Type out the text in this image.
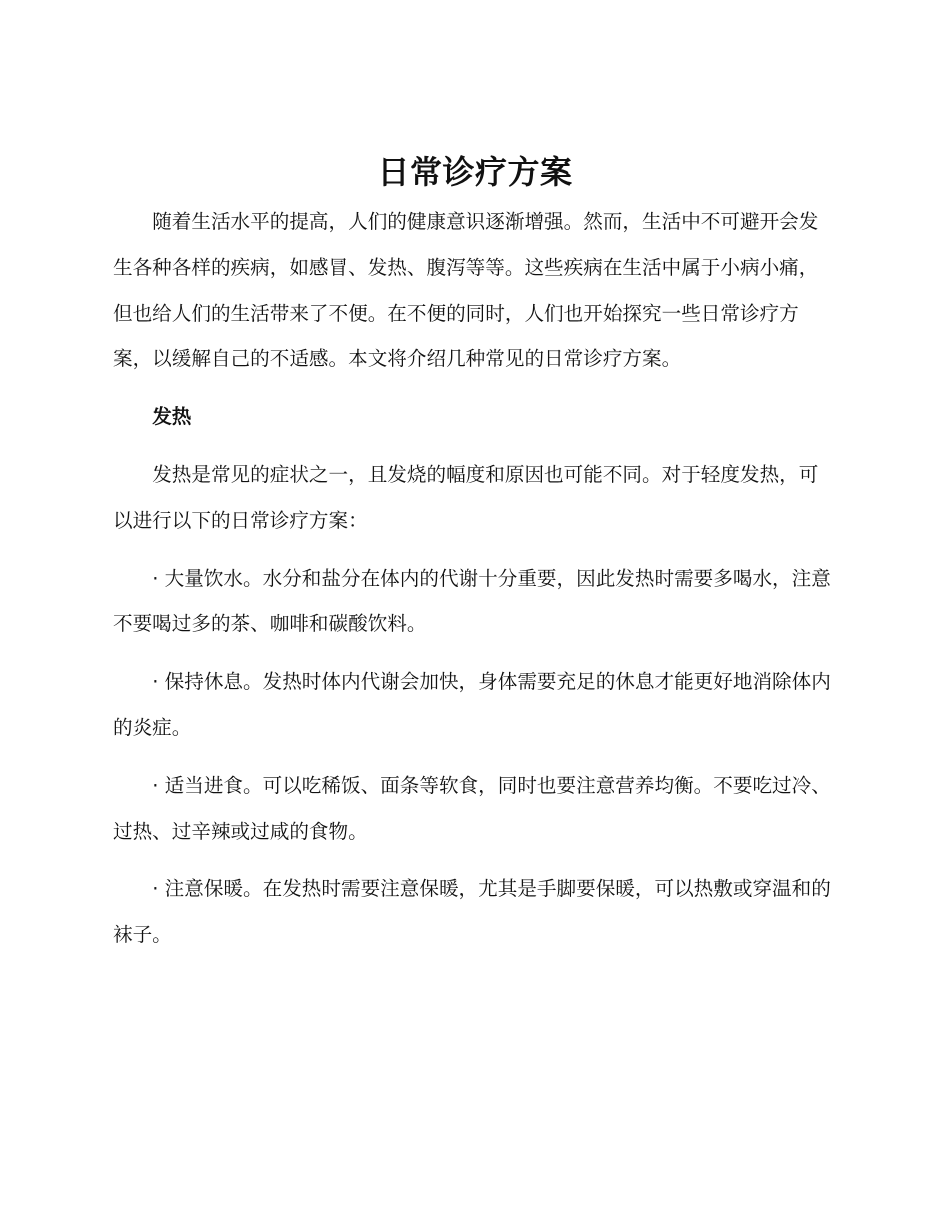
日常诊疗方案

随着生活水平的提高，人们的健康意识逐渐增强。然而，生活中不可避开会发生各种各样的疾病，如感冒、发热、腹泻等等。这些疾病在生活中属于小病小痛，但也给人们的生活带来了不便。在不便的同时，人们也开始探究一些日常诊疗方案，以缓解自己的不适感。本文将介绍几种常见的日常诊疗方案。

发热

发热是常见的症状之一，且发烧的幅度和原因也可能不同。对于轻度发热，可以进行以下的日常诊疗方案：

· 大量饮水。水分和盐分在体内的代谢十分重要，因此发热时需要多喝水，注意不要喝过多的茶、咖啡和碳酸饮料。

· 保持休息。发热时体内代谢会加快，身体需要充足的休息才能更好地消除体内的炎症。

· 适当进食。可以吃稀饭、面条等软食，同时也要注意营养均衡。不要吃过冷、过热、过辛辣或过咸的食物。

· 注意保暖。在发热时需要注意保暖，尤其是手脚要保暖，可以热敷或穿温和的袜子。
